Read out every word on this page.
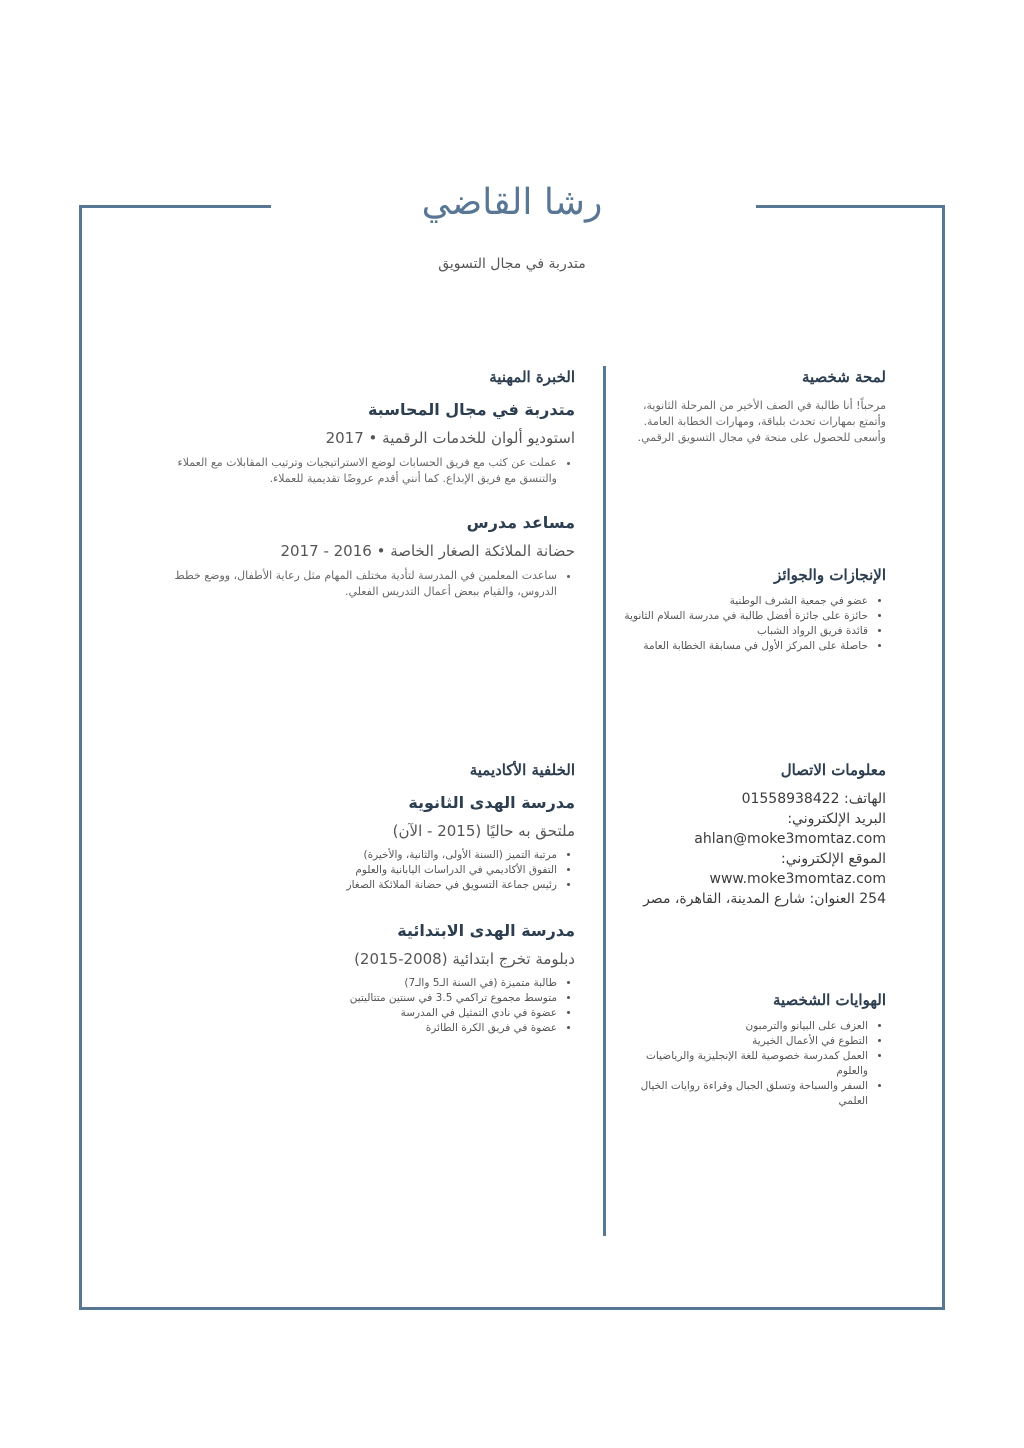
رشا القاضي
متدربة في مجال التسويق
لمحة شخصية

مرحباً! أنا طالبة في الصف الأخير من المرحلة الثانوية، وأتمتع بمهارات تحدث بلباقة، ومهارات الخطابة العامة. وأسعى للحصول على منحة في مجال التسويق الرقمي.

الإنجازات والجوائز
• عضو في جمعية الشرف الوطنية
• حائزة على جائزة أفضل طالبة في مدرسة السلام الثانوية
• قائدة فريق الرواد الشباب
• حاصلة على المركز الأول في مسابقة الخطابة العامة
معلومات الاتصال
الهاتف: 01558938422
البريد الإلكتروني:
ahlan@moke3momtaz.com
الموقع الإلكتروني:
www.moke3momtaz.com
254 العنوان: شارع المدينة، القاهرة، مصر
الهوايات الشخصية
• العزف على البيانو والترمبون
• التطوع في الأعمال الخيرية
• العمل كمدرسة خصوصية للغة الإنجليزية والرياضيات والعلوم
• السفر والسباحة وتسلق الجبال وقراءة روايات الخيال العلمي
الخبرة المهنية
متدربة في مجال المحاسبة

استوديو ألوان للخدمات الرقمية • 2017

• عملت عن كثب مع فريق الحسابات لوضع الاستراتيجيات وترتيب المقابلات مع العملاء والتنسق مع فريق الإبداع. كما أنني أقدم عروضًا تقديمية للعملاء.
مساعد مدرس

حضانة الملائكة الصغار الخاصة • 2016 - 2017

• ساعدت المعلمين في المدرسة لتأدية مختلف المهام مثل رعاية الأطفال، ووضع خطط الدروس، والقيام ببعض أعمال التدريس الفعلي.
الخلفية الأكاديمية
مدرسة الهدى الثانوية

ملتحق به حاليًا (2015 - الآن)

• مرتبة التميز (السنة الأولى، والثانية، والأخيرة)
• التفوق الأكاديمي في الدراسات اليابانية والعلوم
• رئيس جماعة التسويق في حضانة الملائكة الصغار
مدرسة الهدى الابتدائية

دبلومة تخرج ابتدائية (2008-2015)

• طالبة متميزة (في السنة الـ5 والـ7)
• متوسط مجموع تراكمي 3.5 في سنتين متتاليتين
• عضوة في نادي التمثيل في المدرسة
• عضوة في فريق الكرة الطائرة
